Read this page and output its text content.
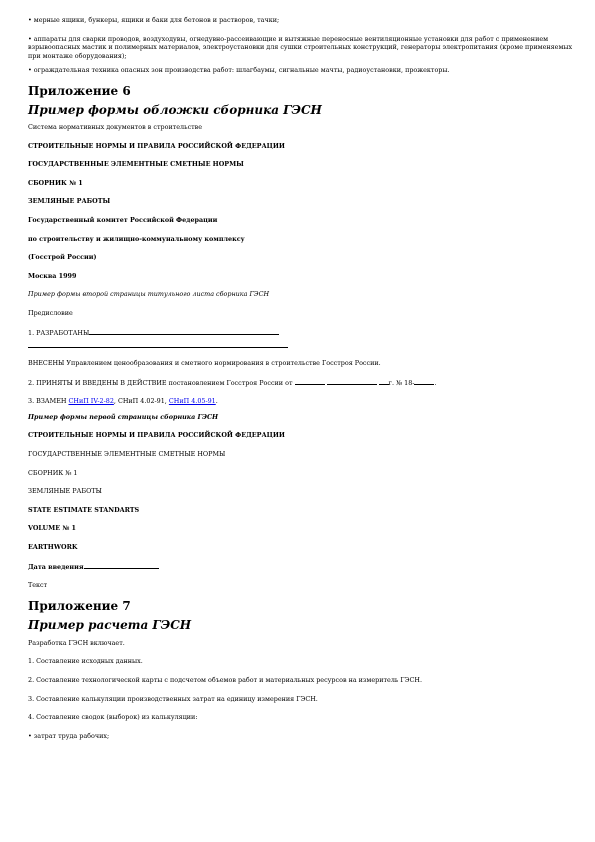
• мерные ящики, бункеры, ящики и баки для бетонов и растворов, тачки;

• аппараты для сварки проводов, воздуходувы, огнедувно-рассеивающие и вытяжные переносные вентиляционные установки для работ с применением взрывоопасных мастик и полимерных материалов, электроустановки для сушки строительных конструкций, генераторы электропитания (кроме применяемых при монтаже оборудования);

• ограждательная техника опасных зон производства работ: шлагбаумы, сигнальные мачты, радиоустановки, прожекторы.

Приложение 6
Пример формы обложки сборника ГЭСН

Система нормативных документов в строительстве

СТРОИТЕЛЬНЫЕ НОРМЫ И ПРАВИЛА РОССИЙСКОЙ ФЕДЕРАЦИИ

ГОСУДАРСТВЕННЫЕ ЭЛЕМЕНТНЫЕ СМЕТНЫЕ НОРМЫ

СБОРНИК № 1

ЗЕМЛЯНЫЕ РАБОТЫ

Государственный комитет Российской Федерации

по строительству и жилищно-коммунальному комплексу

(Госстрой России)

Москва 1999

Пример формы второй страницы титульного листа сборника ГЭСН

Предисловие

1. РАЗРАБОТАНЫ

ВНЕСЕНЫ Управлением ценообразования и сметного нормирования в строительстве Госстроя России.

2. ПРИНЯТЫ И ВВЕДЕНЫ В ДЕЙСТВИЕ постановлением Госстроя России от	г. № 18-	.

3. ВЗАМЕН СНиП IV-2-82, СНиП 4.02-91, СНиП 4.05-91.

Пример формы первой страницы сборника ГЭСН

СТРОИТЕЛЬНЫЕ НОРМЫ И ПРАВИЛА РОССИЙСКОЙ ФЕДЕРАЦИИ

ГОСУДАРСТВЕННЫЕ ЭЛЕМЕНТНЫЕ СМЕТНЫЕ НОРМЫ

СБОРНИК № 1

ЗЕМЛЯНЫЕ РАБОТЫ

STATE ESTIMATE STANDARTS

VOLUME № 1

EARTHWORK

Дата введения

Текст

Приложение 7
Пример расчета ГЭСН

Разработка ГЭСН включает.

1. Составление исходных данных.

2. Составление технологической карты с подсчетом объемов работ и материальных ресурсов на измеритель ГЭСН.

3. Составление калькуляции производственных затрат на единицу измерения ГЭСН.

4. Составление сводок (выборок) из калькуляции:

• затрат труда рабочих;
